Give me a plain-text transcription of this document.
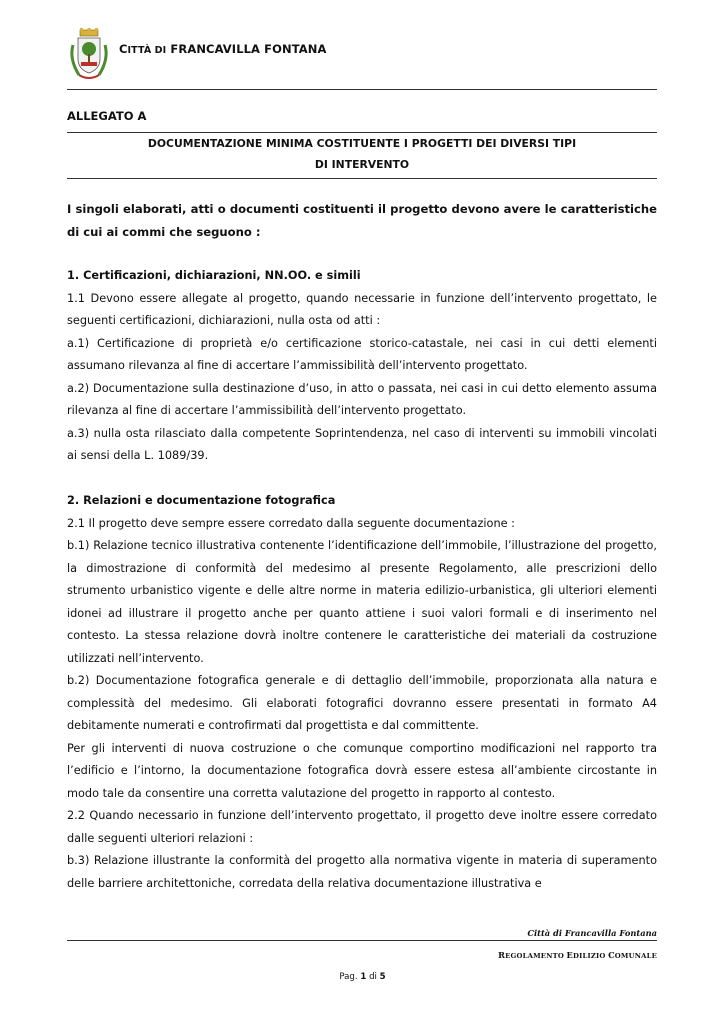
CITTÀ DI FRANCAVILLA FONTANA
ALLEGATO A
DOCUMENTAZIONE MINIMA COSTITUENTE I PROGETTI DEI DIVERSI TIPI
DI INTERVENTO
I singoli elaborati, atti o documenti costituenti il progetto devono avere le caratteristiche di cui ai commi che seguono :

1. Certificazioni, dichiarazioni, NN.OO. e simili

1.1 Devono essere allegate al progetto, quando necessarie in funzione dell’intervento progettato, le seguenti certificazioni, dichiarazioni, nulla osta od atti :

a.1) Certificazione di proprietà e/o certificazione storico-catastale, nei casi in cui detti elementi assumano rilevanza al fine di accertare l’ammissibilità dell’intervento progettato.

a.2) Documentazione sulla destinazione d’uso, in atto o passata, nei casi in cui detto elemento assuma rilevanza al fine di accertare l’ammissibilità dell’intervento progettato.

a.3) nulla osta rilasciato dalla competente Soprintendenza, nel caso di interventi su immobili vincolati ai sensi della L. 1089/39.

2. Relazioni e documentazione fotografica

2.1 Il progetto deve sempre essere corredato dalla seguente documentazione :

b.1) Relazione tecnico illustrativa contenente l’identificazione dell’immobile, l’illustrazione del progetto, la dimostrazione di conformità del medesimo al presente Regolamento, alle prescrizioni dello strumento urbanistico vigente e delle altre norme in materia edilizio-urbanistica, gli ulteriori elementi idonei ad illustrare il progetto anche per quanto attiene i suoi valori formali e di inserimento nel contesto. La stessa relazione dovrà inoltre contenere le caratteristiche dei materiali da costruzione utilizzati nell’intervento.

b.2) Documentazione fotografica generale e di dettaglio dell’immobile, proporzionata alla natura e complessità del medesimo. Gli elaborati fotografici dovranno essere presentati in formato A4 debitamente numerati e controfirmati dal progettista e dal committente.

Per gli interventi di nuova costruzione o che comunque comportino modificazioni nel rapporto tra l’edificio e l’intorno, la documentazione fotografica dovrà essere estesa all’ambiente circostante in modo tale da consentire una corretta valutazione del progetto in rapporto al contesto.

2.2 Quando necessario in funzione dell’intervento progettato, il progetto deve inoltre essere corredato dalle seguenti ulteriori relazioni :

b.3) Relazione illustrante la conformità del progetto alla normativa vigente in materia di superamento delle barriere architettoniche, corredata della relativa documentazione illustrativa e

Città di Francavilla Fontana
REGOLAMENTO EDILIZIO COMUNALE
Pag. 1 di 5
